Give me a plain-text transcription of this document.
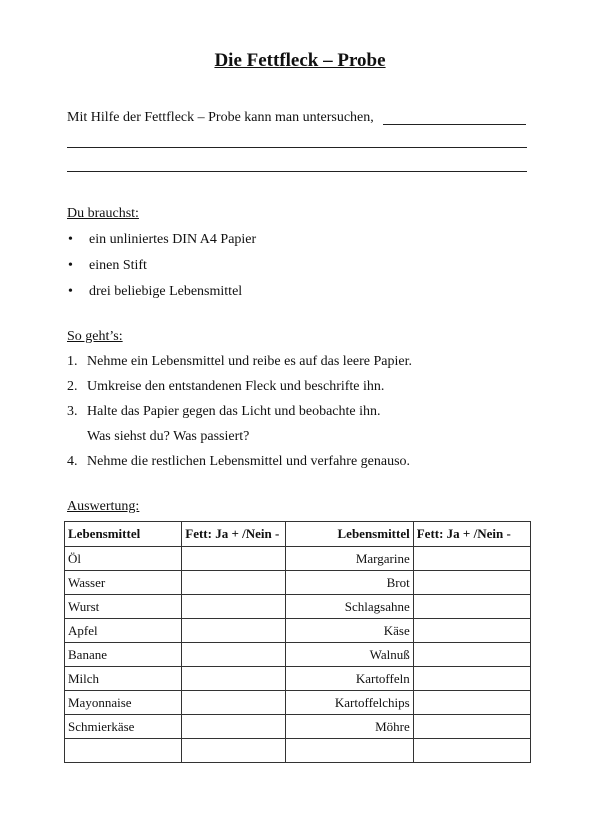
Die Fettfleck – Probe
Mit Hilfe der Fettfleck – Probe kann man untersuchen,
Du brauchst:
• ein unliniertes DIN A4 Papier
• einen Stift
• drei beliebige Lebensmittel
So geht’s:
1. Nehme ein Lebensmittel und reibe es auf das leere Papier.
2. Umkreise den entstandenen Fleck und beschrifte ihn.
3. Halte das Papier gegen das Licht und beobachte ihn.
Was siehst du? Was passiert?
4. Nehme die restlichen Lebensmittel und verfahre genauso.
Auswertung:
Lebensmittel	Fett: Ja + /Nein -	Lebensmittel	Fett: Ja + /Nein -
Öl		Margarine	
Wasser		Brot	
Wurst		Schlagsahne	
Apfel		Käse	
Banane		Walnuß	
Milch		Kartoffeln	
Mayonnaise		Kartoffelchips	
Schmierkäse		Möhre	
